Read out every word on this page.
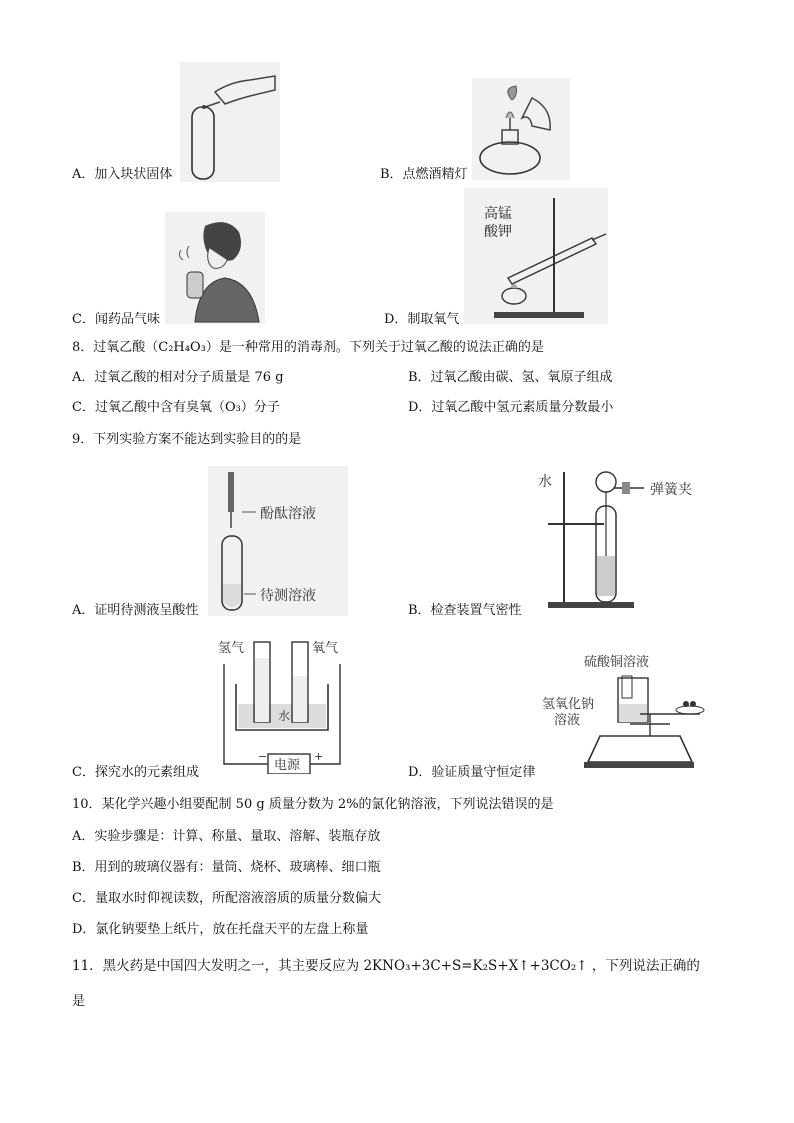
A．加入块状固体	B．点燃酒精灯
C．闻药品气味
高锰
酸钾
D．制取氧气
8．过氧乙酸（C₂H₄O₃）是一种常用的消毒剂。下列关于过氧乙酸的说法正确的是
A．过氧乙酸的相对分子质量是 76 g	B．过氧乙酸由碳、氢、氧原子组成
C．过氧乙酸中含有臭氧（O₃）分子	D．过氧乙酸中氢元素质量分数最小
9．下列实验方案不能达到实验目的的是
酚酞溶液
待测溶液
A．证明待测液呈酸性
水	弹簧夹
B．检查装置气密性
氢气	氧气
水
电源
−	+
C．探究水的元素组成
硫酸铜溶液
氢氧化钠
溶液
D．验证质量守恒定律
10．某化学兴趣小组要配制 50 g 质量分数为 2%的氯化钠溶液，下列说法错误的是
A．实验步骤是：计算、称量、量取、溶解、装瓶存放
B．用到的玻璃仪器有：量筒、烧杯、玻璃棒、细口瓶
C．量取水时仰视读数，所配溶液溶质的质量分数偏大
D．氯化钠要垫上纸片，放在托盘天平的左盘上称量
11．黑火药是中国四大发明之一，其主要反应为 2KNO₃+3C+S=K₂S+X↑+3CO₂↑ ，下列说法正确的
是
